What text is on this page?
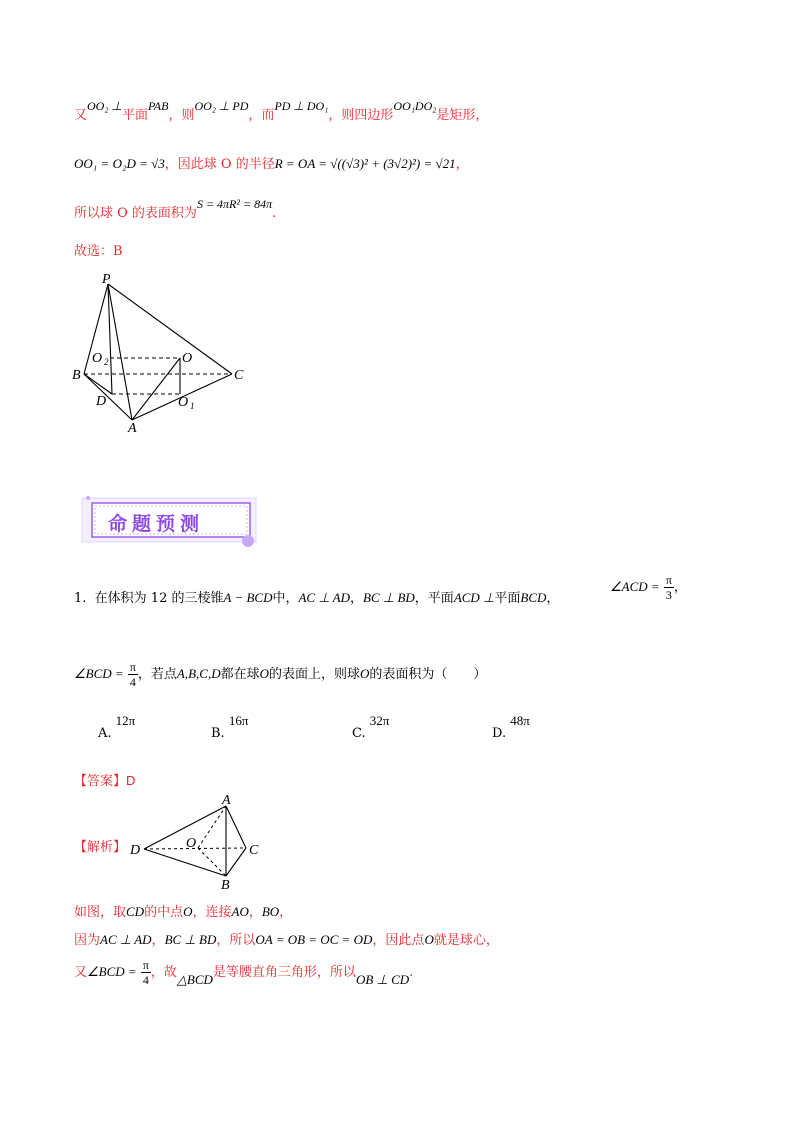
又OO₂ ⊥平面PAB，则OO₂ ⊥ PD，而PD ⊥ DO₁，则四边形OO₁DO₂是矩形，
OO₁ = O₂D = √3，因此球 O 的半径R = OA = √((√3)² + (3√2)²) = √21，
所以球 O 的表面积为S = 4πR² = 84π.
故选：B
P
O 2	O
B	C
D	O 1
A
命题预测
1. 在体积为 12 的三棱锥A − BCD中，AC ⊥ AD，BC ⊥ BD，平面ACD ⊥平面BCD，
∠ACD = $\frac{\pi}{3}$ ，
∠BCD = $\frac{\pi}{4}$ ，若点A,B,C,D都在球O的表面上，则球O的表面积为（　　）
A. 12π
B. 16π
C. 32π
D. 48π
【答案】D
【解析】
A
O
D	C
B
如图，取CD的中点O，连接AO，BO，
因为AC ⊥ AD，BC ⊥ BD，所以OA = OB = OC = OD，因此点O就是球心，
又∠BCD = $\frac{\pi}{4}$ ，故△BCD是等腰直角三角形，所以OB ⊥ CD.
